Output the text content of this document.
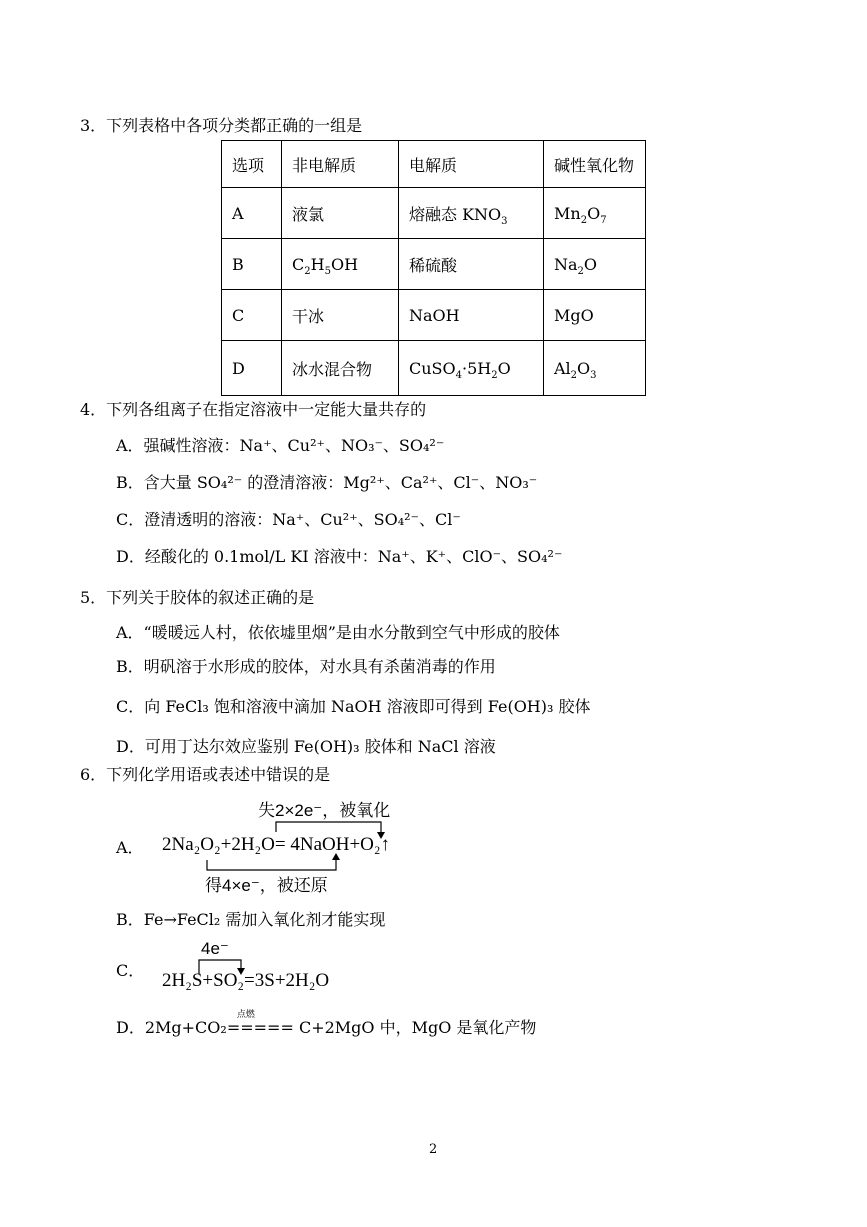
3．下列表格中各项分类都正确的一组是
选项	非电解质	电解质	碱性氧化物
A	液氯	熔融态 $KNO_3$	$Mn_2O_7$
B	$C_2H_5OH$	稀硫酸	$Na_2O$
C	干冰	NaOH	MgO
D	冰水混合物	$CuSO_4\cdot 5H_2O$	$Al_2O_3$
4．下列各组离子在指定溶液中一定能大量共存的
A．强碱性溶液：Na⁺、Cu²⁺、NO₃⁻、SO₄²⁻
B．含大量 SO₄²⁻ 的澄清溶液：Mg²⁺、Ca²⁺、Cl⁻、NO₃⁻
C．澄清透明的溶液：Na⁺、Cu²⁺、SO₄²⁻、Cl⁻
D．经酸化的 0.1mol/L KI 溶液中：Na⁺、K⁺、ClO⁻、SO₄²⁻
5．下列关于胶体的叙述正确的是
A．“暖暖远人村，依依墟里烟”是由水分散到空气中形成的胶体
B．明矾溶于水形成的胶体，对水具有杀菌消毒的作用
C．向 FeCl₃ 饱和溶液中滴加 NaOH 溶液即可得到 Fe(OH)₃ 胶体
D．可用丁达尔效应鉴别 Fe(OH)₃ 胶体和 NaCl 溶液
6．下列化学用语或表述中错误的是
A．
失2×2e⁻，被氧化
2Na₂O₂+2H₂O= 4NaOH+O₂↑
得4×e⁻，被还原
B．Fe→FeCl₂ 需加入氧化剂才能实现
C．
4e⁻
2H₂S+SO₂=3S+2H₂O
D．2Mg+CO₂
点燃
===== C+2MgO 中，MgO 是氧化产物
2
